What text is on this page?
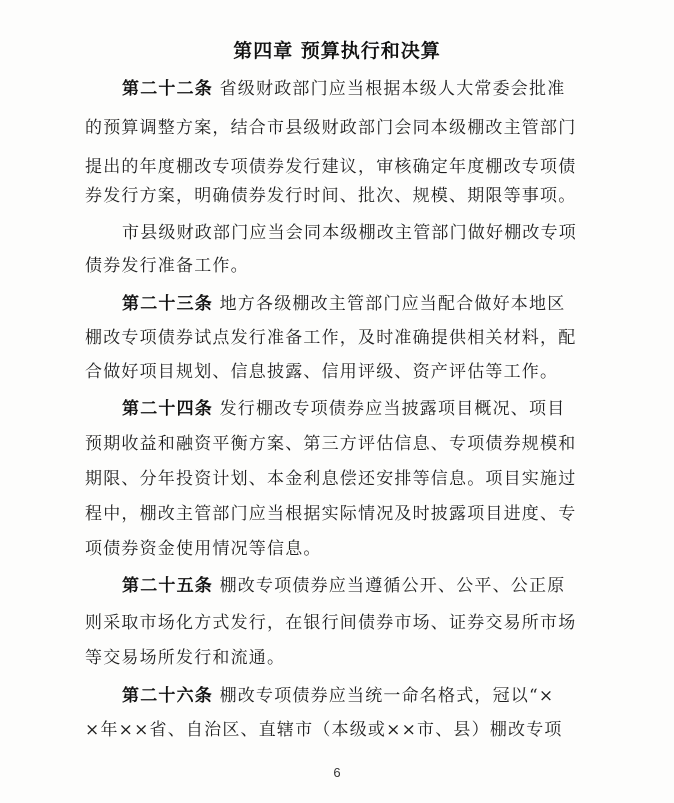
第四章 预算执行和决算
第二十二条 省级财政部门应当根据本级人大常委会批准
的预算调整方案，结合市县级财政部门会同本级棚改主管部门
提出的年度棚改专项债券发行建议，审核确定年度棚改专项债
券发行方案，明确债券发行时间、批次、规模、期限等事项。
市县级财政部门应当会同本级棚改主管部门做好棚改专项
债券发行准备工作。
第二十三条 地方各级棚改主管部门应当配合做好本地区
棚改专项债券试点发行准备工作，及时准确提供相关材料，配
合做好项目规划、信息披露、信用评级、资产评估等工作。
第二十四条 发行棚改专项债券应当披露项目概况、项目
预期收益和融资平衡方案、第三方评估信息、专项债券规模和
期限、分年投资计划、本金利息偿还安排等信息。项目实施过
程中，棚改主管部门应当根据实际情况及时披露项目进度、专
项债券资金使用情况等信息。
第二十五条 棚改专项债券应当遵循公开、公平、公正原
则采取市场化方式发行，在银行间债券市场、证券交易所市场
等交易场所发行和流通。
第二十六条 棚改专项债券应当统一命名格式，冠以“×
×年××省、自治区、直辖市（本级或××市、县）棚改专项
6
